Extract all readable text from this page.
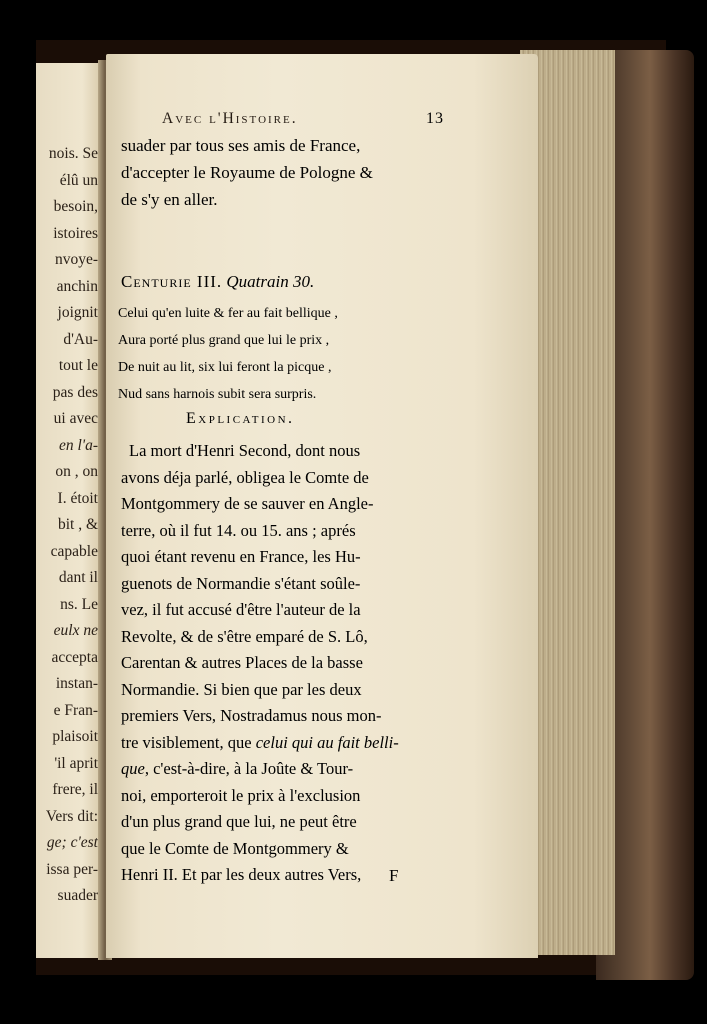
nois. Se
élû un
besoin,
istoires
nvoye-
anchin
joignit
d'Au-
tout le
pas des
ui avec
en l'a-
on , on
I. étoit
bit , &
capable
dant il
ns. Le
eulx ne
accepta
instan-
e Fran-
plaisoit
'il aprit
frere, il
Vers dit:
ge; c'est
issa per-
suader
Avec l'Histoire.	13
suader par tous ses amis de France,
d'accepter le Royaume de Pologne &
de s'y en aller.
Centurie III. Quatrain 30.
Celui qu'en luite & fer au fait bellique ,
Aura porté plus grand que lui le prix ,
De nuit au lit, six lui feront la picque ,
Nud sans harnois subit sera surpris.
Explication.
La mort d'Henri Second, dont nous
avons déja parlé, obligea le Comte de
Montgommery de se sauver en Angle-
terre, où il fut 14. ou 15. ans ; aprés
quoi étant revenu en France, les Hu-
guenots de Normandie s'étant soûle-
vez, il fut accusé d'être l'auteur de la
Revolte, & de s'être emparé de S. Lô,
Carentan & autres Places de la basse
Normandie. Si bien que par les deux
premiers Vers, Nostradamus nous mon-
tre visiblement, que celui qui au fait belli-
que, c'est-à-dire, à la Joûte & Tour-
noi, emporteroit le prix à l'exclusion
d'un plus grand que lui, ne peut être
que le Comte de Montgommery &
Henri II. Et par les deux autres Vers,	F
